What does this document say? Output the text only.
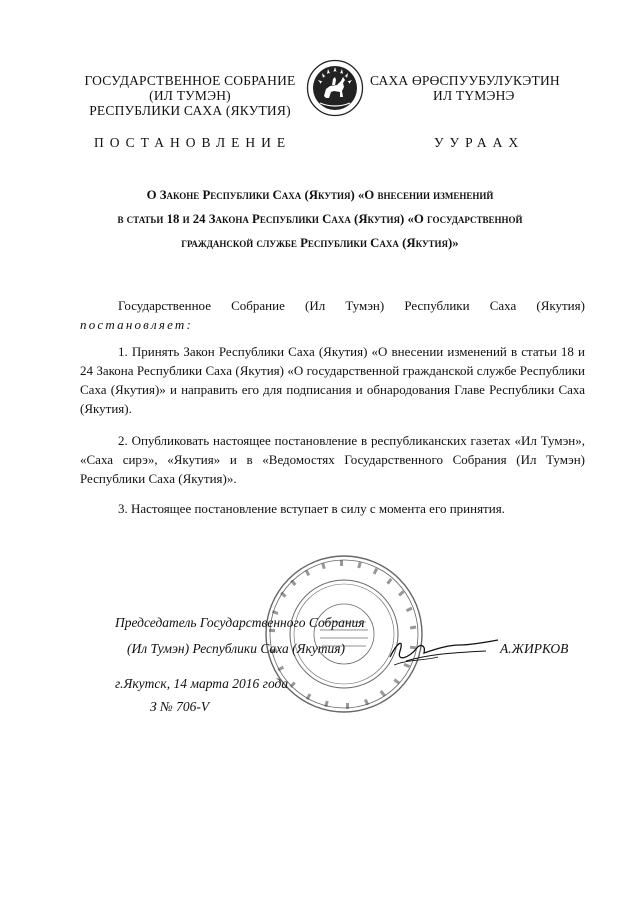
ГОСУДАРСТВЕННОЕ СОБРАНИЕ
(ИЛ ТУМЭН)
РЕСПУБЛИКИ САХА (ЯКУТИЯ)
САХА ӨРӨСПУУБУЛУКЭТИН
ИЛ ТҮМЭНЭ
ПОСТАНОВЛЕНИЕ	УУРААХ
О Законе Республики Саха (Якутия) «О внесении изменений
в статьи 18 и 24 Закона Республики Саха (Якутия) «О государственной
гражданской службе Республики Саха (Якутия)»
Государственное Собрание (Ил Тумэн) Республики Саха (Якутия)
постановляет:
1. Принять Закон Республики Саха (Якутия) «О внесении изменений в статьи 18 и 24 Закона Республики Саха (Якутия) «О государственной гражданской службе Республики Саха (Якутия)» и направить его для подписания и обнародования Главе Республики Саха (Якутия).
2. Опубликовать настоящее постановление в республиканских газетах «Ил Тумэн», «Саха сирэ», «Якутия» и в «Ведомостях Государственного Собрания (Ил Тумэн) Республики Саха (Якутия)».
3. Настоящее постановление вступает в силу с момента его принятия.
Председатель Государственного Собрания
(Ил Тумэн) Республики Саха (Якутия)	А.ЖИРКОВ
г.Якутск, 14 марта 2016 года
З № 706-V
